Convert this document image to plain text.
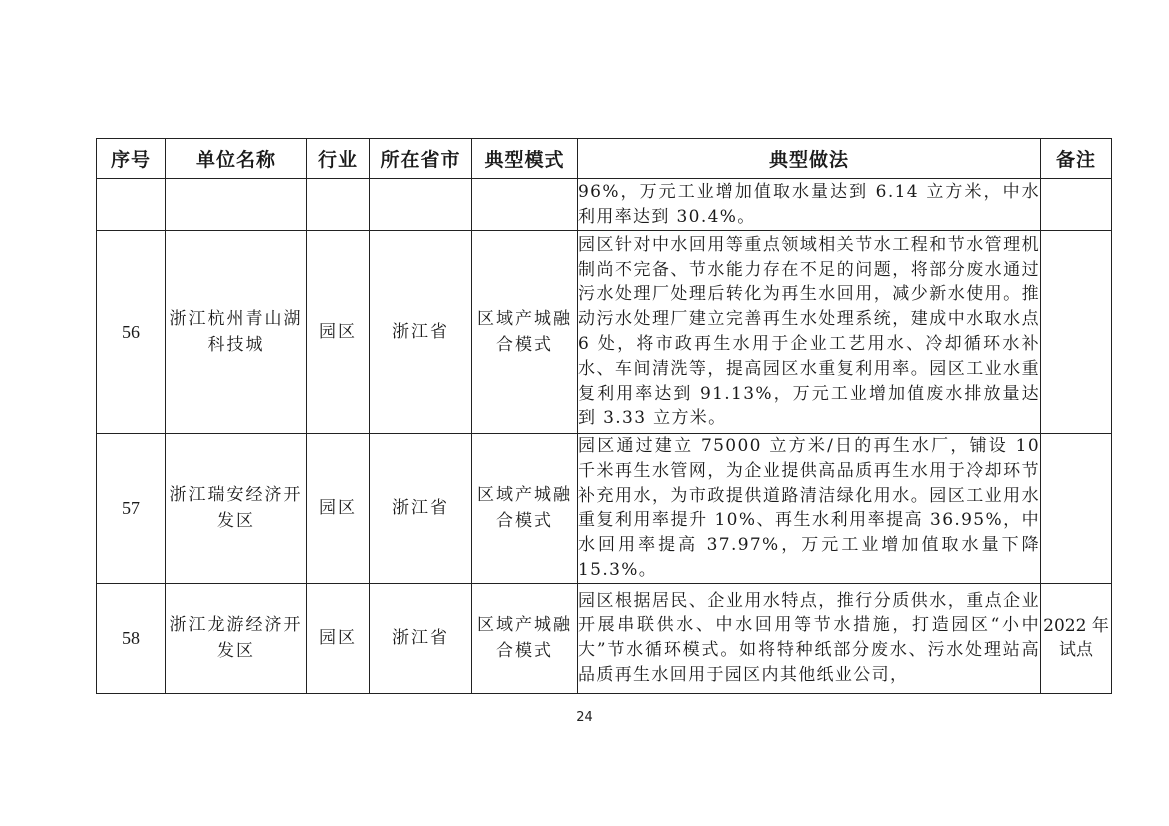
序号	单位名称	行业	所在省市	典型模式	典型做法	备注
					96%，万元工业增加值取水量达到 6.14 立方米，中水利用率达到 30.4%。	
56	浙江杭州青山湖科技城	园区	浙江省	区域产城融合模式	园区针对中水回用等重点领域相关节水工程和节水管理机制尚不完备、节水能力存在不足的问题，将部分废水通过污水处理厂处理后转化为再生水回用，减少新水使用。推动污水处理厂建立完善再生水处理系统，建成中水取水点 6 处，将市政再生水用于企业工艺用水、冷却循环水补水、车间清洗等，提高园区水重复利用率。园区工业水重复利用率达到 91.13%，万元工业增加值废水排放量达到 3.33 立方米。	
57	浙江瑞安经济开发区	园区	浙江省	区域产城融合模式	园区通过建立 75000 立方米/日的再生水厂，铺设 10 千米再生水管网，为企业提供高品质再生水用于冷却环节补充用水，为市政提供道路清洁绿化用水。园区工业用水重复利用率提升 10%、再生水利用率提高 36.95%，中水回用率提高 37.97%，万元工业增加值取水量下降 15.3%。	
58	浙江龙游经济开发区	园区	浙江省	区域产城融合模式	园区根据居民、企业用水特点，推行分质供水，重点企业开展串联供水、中水回用等节水措施，打造园区“小中大”节水循环模式。如将特种纸部分废水、污水处理站高品质再生水回用于园区内其他纸业公司，	2022 年试点
24
